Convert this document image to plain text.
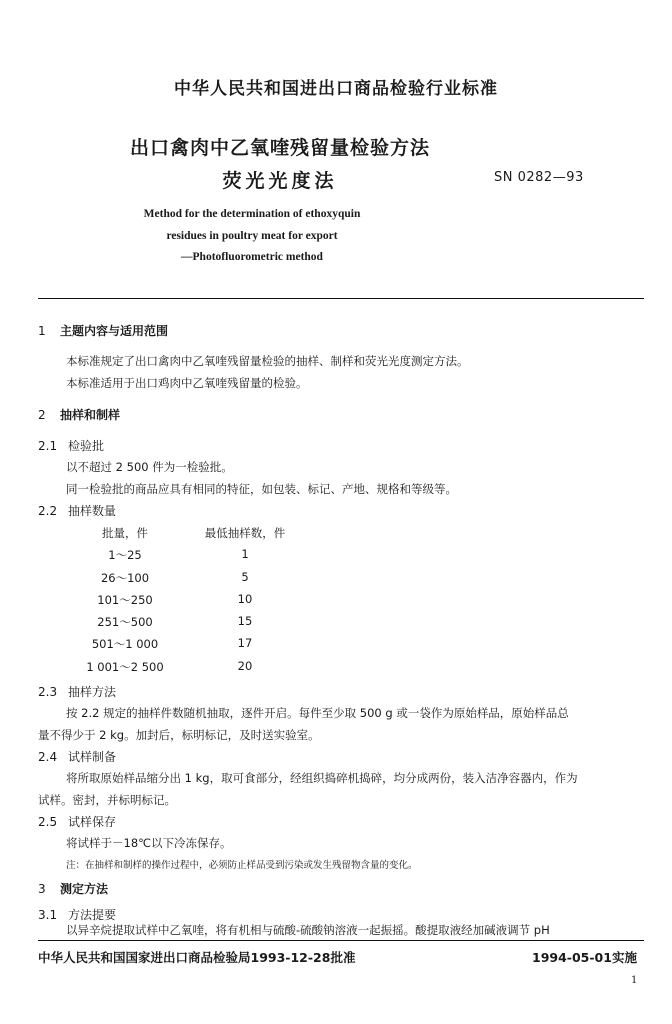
中华人民共和国进出口商品检验行业标准
出口禽肉中乙氧喹残留量检验方法
荧光光度法	SN 0282—93
Method for the determination of ethoxyquin
residues in poultry meat for export
—Photofluorometric method
1 主题内容与适用范围
本标准规定了出口禽肉中乙氧喹残留量检验的抽样、制样和荧光光度测定方法。
本标准适用于出口鸡肉中乙氧喹残留量的检验。
2 抽样和制样
2.1 检验批
以不超过 2 500 件为一检验批。
同一检验批的商品应具有相同的特征，如包装、标记、产地、规格和等级等。
2.2 抽样数量
批量，件	最低抽样数，件
1～25	1
26～100	5
101～250	10
251～500	15
501～1 000	17
1 001～2 500	20
2.3 抽样方法
按 2.2 规定的抽样件数随机抽取，逐件开启。每件至少取 500 g 或一袋作为原始样品，原始样品总
量不得少于 2 kg。加封后，标明标记，及时送实验室。
2.4 试样制备
将所取原始样品缩分出 1 kg，取可食部分，经组织捣碎机捣碎，均分成两份，装入洁净容器内，作为
试样。密封，并标明标记。
2.5 试样保存
将试样于－18℃以下冷冻保存。
注：在抽样和制样的操作过程中，必须防止样品受到污染或发生残留物含量的变化。
3 测定方法
3.1 方法提要
以异辛烷提取试样中乙氧喹，将有机相与硫酸-硫酸钠溶液一起振摇。酸提取液经加碱液调节 pH
中华人民共和国国家进出口商品检验局1993-12-28批准	1994-05-01实施
1
